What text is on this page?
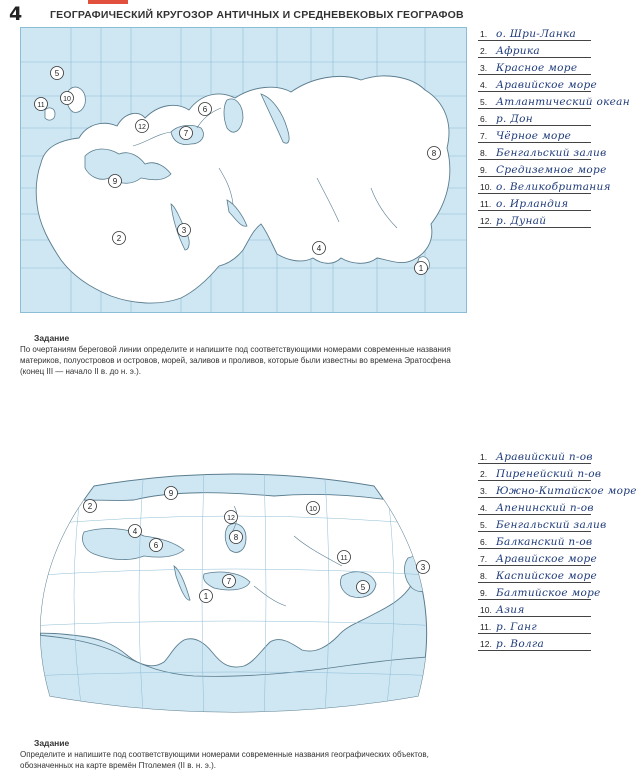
4	ГЕОГРАФИЧЕСКИЙ КРУГОЗОР АНТИЧНЫХ И СРЕДНЕВЕКОВЫХ ГЕОГРАФОВ
1
2
3
4
5
6
7
8
9
10
11
12
1. о. Шри-Ланка
2. Африка
3. Красное море
4. Аравийское море
5. Атлантический океан
6. р. Дон
7. Чёрное море
8. Бенгальский залив
9. Средиземное море
10. о. Великобритания
11. о. Ирландия
12. р. Дунай
Задание
По очертаниям береговой линии определите и напишите под соответствующими номерами современные названия материков, полуостровов и островов, морей, заливов и проливов, которые были известны во времена Эратосфена (конец III — начало II в. до н. э.).
1
2
3
4
5
6
7
8
9
10
11
12
1. Аравийский п-ов
2. Пиренейский п-ов
3. Южно-Китайское море
4. Апенинский п-ов
5. Бенгальский залив
6. Балканский п-ов
7. Аравийское море
8. Каспийское море
9. Балтийское море
10. Азия
11. р. Ганг
12. р. Волга
Задание
Определите и напишите под соответствующими номерами современные названия географических объектов, обозначенных на карте времён Птолемея (II в. н. э.).
